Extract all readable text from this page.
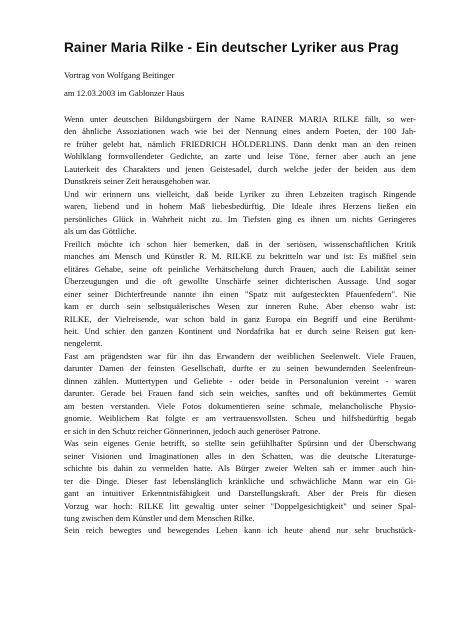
Rainer Maria Rilke - Ein deutscher Lyriker aus Prag
Vortrag von Wolfgang Beitinger
am 12.03.2003 im Gablonzer Haus
Wenn unter deutschen Bildungsbürgern der Name RAINER MARIA RILKE fällt, so wer-
den ähnliche Assoziationen wach wie bei der Nennung eines andern Poeten, der 100 Jah-
re früher gelebt hat, nämlich FRIEDRICH HÖLDERLINS. Dann denkt man an den reinen
Wohlklang formvollendeter Gedichte, an zarte und leise Töne, ferner aber auch an jene
Lauterkeit des Charakters und jenen Geistesadel, durch welche jeder der beiden aus dem
Dunstkreis seiner Zeit herausgehoben war.
Und wir erinnern uns vielleicht, daß beide Lyriker zu ihren Lebzeiten tragisch Ringende
waren, liebend und in hohem Maß liebesbedürftig. Die Ideale ihres Herzens ließen ein
persönliches Glück in Wahrheit nicht zu. Im Tiefsten ging es ihnen um nichts Geringeres
als um das Göttliche.
Freilich möchte ich schon hier bemerken, daß in der seriösen, wissenschaftlichen Kritik
manches am Mensch und Künstler R. M. RILKE zu bekritteln war und ist: Es mißfiel sein
elitäres Gehabe, seine oft peinliche Verhätschelung durch Frauen, auch die Labilität seiner
Überzeugungen und die oft gewollte Unschärfe seiner dichterischen Aussage. Und sogar
einer seiner Dichterfreunde nannte ihn einen "Spatz mit aufgesteckten Pfauenfedern". Nie
kam er durch sein selbstquälerisches Wesen zur inneren Ruhe. Aber ebenso wahr ist:
RILKE, der Vielreisende, war schon bald in ganz Europa ein Begriff und eine Berühmt-
heit. Und schier den ganzen Kontinent und Nordafrika hat er durch seine Reisen gut ken-
nengelernt.
Fast am prägendsten war für ihn das Erwandern der weiblichen Seelenwelt. Viele Frauen,
darunter Damen der feinsten Gesellschaft, durfte er zu seinen bewundernden Seelenfreun-
dinnen zählen. Muttertypen und Geliebte - oder beide in Personalunion vereint - waren
darunter. Gerade bei Frauen fand sich sein weiches, sanftes und oft bekümmertes Gemüt
am besten verstanden. Viele Fotos dokumentieren seine schmale, melancholische Physio-
gnomie. Weiblichem Rat folgte er am vertrauensvollsten. Scheu und hilfsbedürftig begab
er sich in den Schutz reicher Gönnerinnen, jedoch auch generöser Patrone.
Was sein eigenes Genie betrifft, so stellte sein gefühlhafter Spürsinn und der Überschwang
seiner Visionen und Imaginationen alles in den Schatten, was die deutsche Literaturge-
schichte bis dahin zu vermelden hatte. Als Bürger zweier Welten sah er immer auch hin-
ter die Dinge. Dieser fast lebenslänglich kränkliche und schwächliche Mann war ein Gi-
gant an intuitiver Erkenntnisfähigkeit und Darstellungskraft. Aber der Preis für diesen
Vorzug war hoch: RILKE litt gewaltig unter seiner "Doppelgesichtigkeit" und seiner Spal-
tung zwischen dem Künstler und dem Menschen Rilke.
Sein reich bewegtes und bewegendes Leben kann ich heute abend nur sehr bruchstück-
